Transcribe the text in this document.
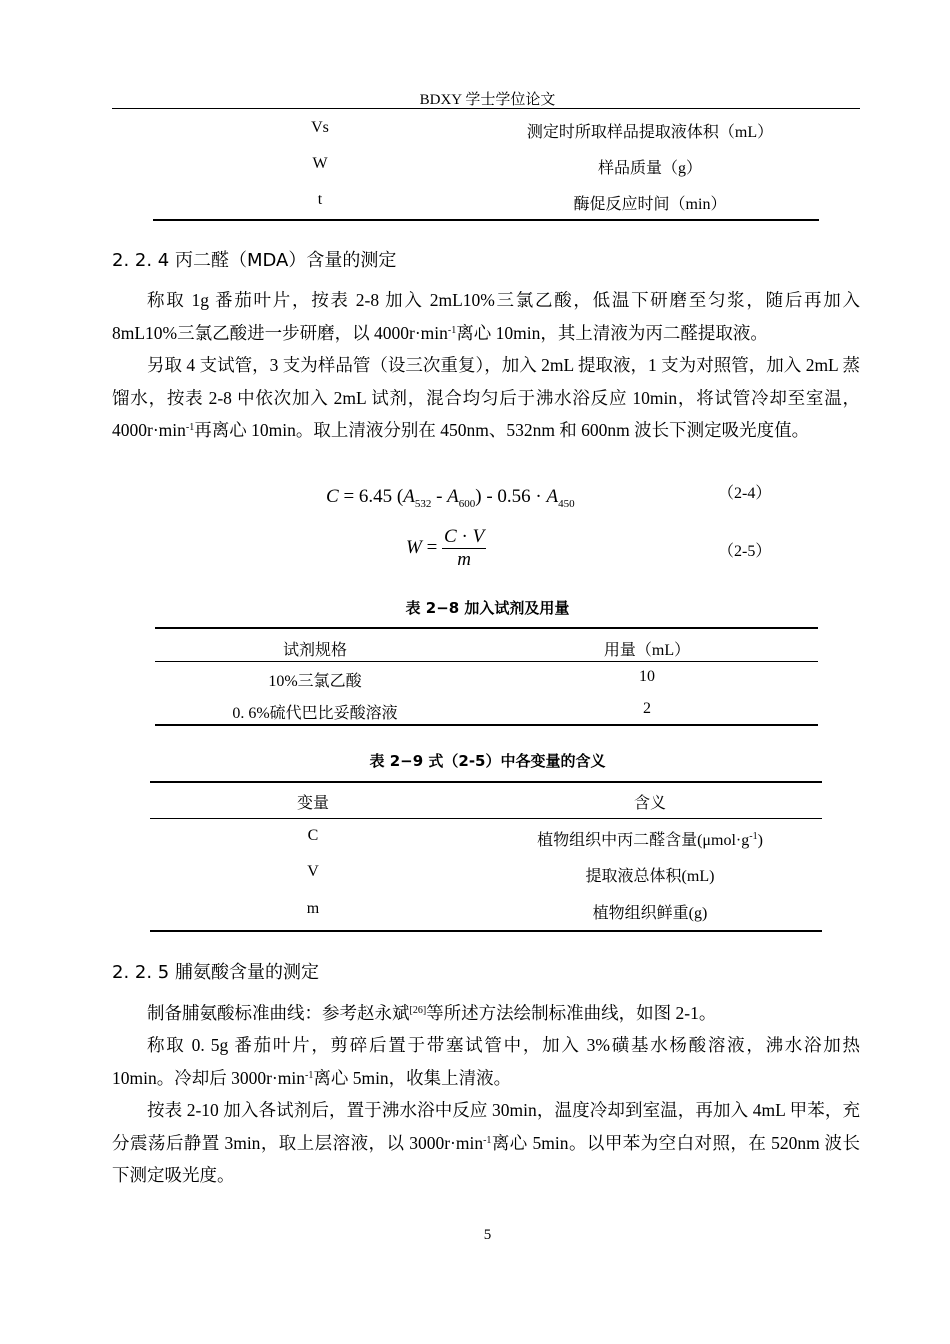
BDXY 学士学位论文
Vs	测定时所取样品提取液体积（mL）
W	样品质量（g）
t	酶促反应时间（min）
2. 2. 4 丙二醛（MDA）含量的测定

称取 1g 番茄叶片，按表 2-8 加入 2mL10%三氯乙酸，低温下研磨至匀浆，随后再加入 8mL10%三氯乙酸进一步研磨，以 $4000r\cdot\min^{-1}$离心 10min，其上清液为丙二醛提取液。

另取 4 支试管，3 支为样品管（设三次重复），加入 2mL 提取液，1 支为对照管，加入 2mL 蒸馏水，按表 2-8 中依次加入 2mL 试剂，混合均匀后于沸水浴反应 10min，将试管冷却至室温，$4000r\cdot\min^{-1}$再离心 10min。取上清液分别在 450nm、532nm 和 600nm 波长下测定吸光度值。

C = 6.45 $(A_{532} - A_{600}) - 0.56 \cdot A_{450}$
（2-4）
$W = \frac{C \cdot V}{m}$	（2-5）
表 2−8 加入试剂及用量
试剂规格	用量（mL）
10%三氯乙酸	10
0. 6%硫代巴比妥酸溶液	2
表 2−9 式（2-5）中各变量的含义
变量	含义
C	植物组织中丙二醛含量$(\mu mol\cdot g^{-1})$
V	提取液总体积(mL)
m	植物组织鲜重(g)
2. 2. 5 脯氨酸含量的测定

制备脯氨酸标准曲线：参考赵永斌[26]等所述方法绘制标准曲线，如图 2-1。

称取 0. 5g 番茄叶片，剪碎后置于带塞试管中，加入 3%磺基水杨酸溶液，沸水浴加热 10min。冷却后 $3000r\cdot\min^{-1}$离心 5min，收集上清液。

按表 2-10 加入各试剂后，置于沸水浴中反应 30min，温度冷却到室温，再加入 4mL 甲苯，充分震荡后静置 3min，取上层溶液，以 $3000r\cdot\min^{-1}$离心 5min。以甲苯为空白对照，在 520nm 波长下测定吸光度。

5
